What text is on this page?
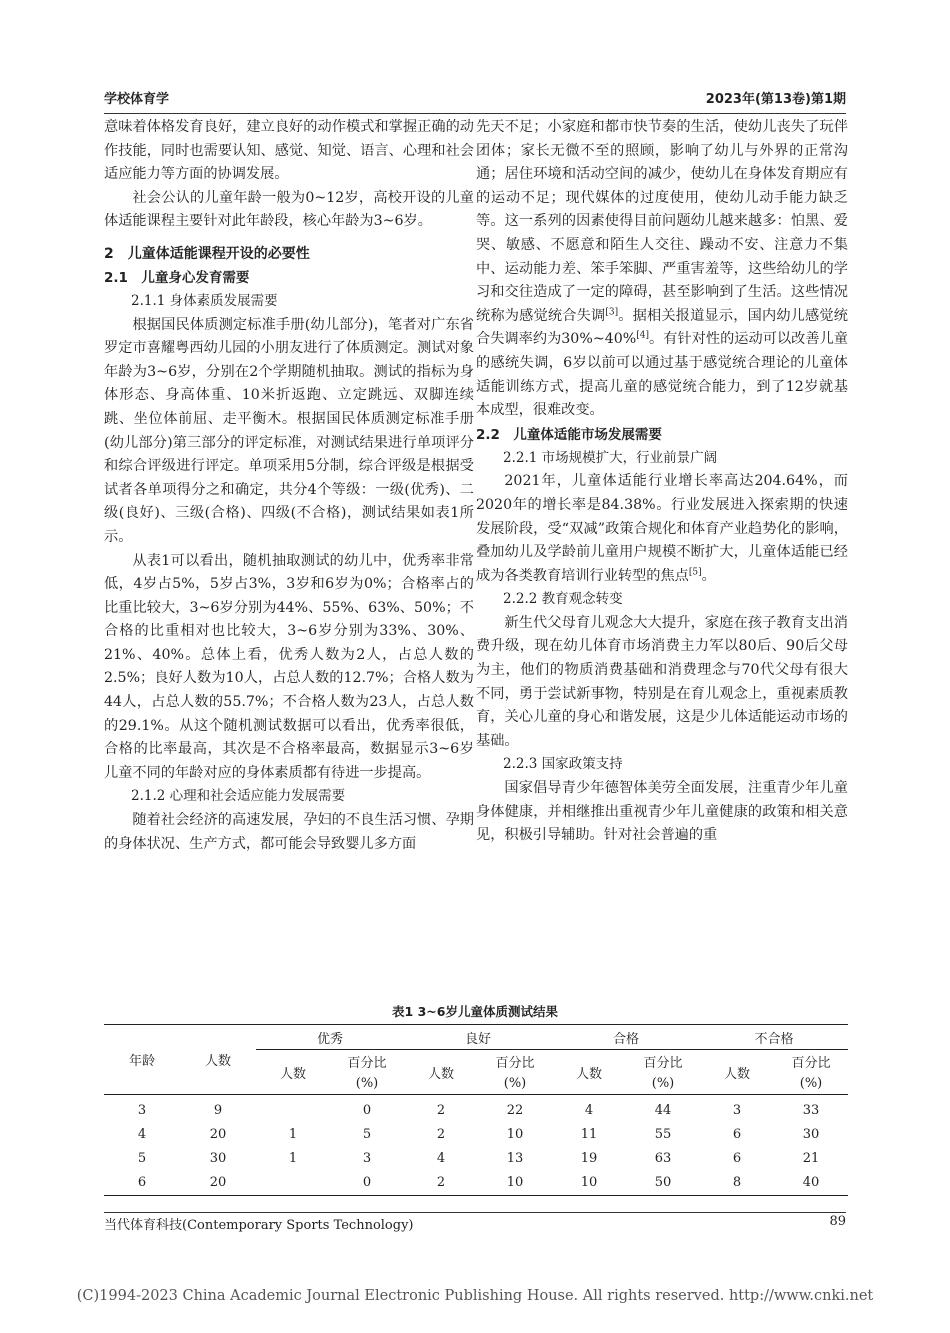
学校体育学	2023年(第13卷)第1期

意味着体格发育良好，建立良好的动作模式和掌握正确的动作技能，同时也需要认知、感觉、知觉、语言、心理和社会适应能力等方面的协调发展。

社会公认的儿童年龄一般为0~12岁，高校开设的儿童体适能课程主要针对此年龄段，核心年龄为3~6岁。

2　儿童体适能课程开设的必要性
2.1　儿童身心发育需要

2.1.1 身体素质发展需要

根据国民体质测定标准手册(幼儿部分)，笔者对广东省罗定市喜耀粤西幼儿园的小朋友进行了体质测定。测试对象年龄为3~6岁，分别在2个学期随机抽取。测试的指标为身体形态、身高体重、10米折返跑、立定跳远、双脚连续跳、坐位体前屈、走平衡木。根据国民体质测定标准手册(幼儿部分)第三部分的评定标准，对测试结果进行单项评分和综合评级进行评定。单项采用5分制，综合评级是根据受试者各单项得分之和确定，共分4个等级：一级(优秀)、二级(良好)、三级(合格)、四级(不合格)，测试结果如表1所示。

从表1可以看出，随机抽取测试的幼儿中，优秀率非常低，4岁占5%，5岁占3%，3岁和6岁为0%；合格率占的比重比较大，3~6岁分别为44%、55%、63%、50%；不合格的比重相对也比较大，3~6岁分别为33%、30%、21%、40%。总体上看，优秀人数为2人，占总人数的2.5%；良好人数为10人，占总人数的12.7%；合格人数为44人，占总人数的55.7%；不合格人数为23人，占总人数的29.1%。从这个随机测试数据可以看出，优秀率很低，合格的比率最高，其次是不合格率最高，数据显示3~6岁儿童不同的年龄对应的身体素质都有待进一步提高。

2.1.2 心理和社会适应能力发展需要

随着社会经济的高速发展，孕妇的不良生活习惯、孕期的身体状况、生产方式，都可能会导致婴儿多方面

先天不足；小家庭和都市快节奏的生活，使幼儿丧失了玩伴团体；家长无微不至的照顾，影响了幼儿与外界的正常沟通；居住环境和活动空间的减少，使幼儿在身体发育期应有的运动不足；现代媒体的过度使用，使幼儿动手能力缺乏等。这一系列的因素使得目前问题幼儿越来越多：怕黑、爱哭、敏感、不愿意和陌生人交往、躁动不安、注意力不集中、运动能力差、笨手笨脚、严重害羞等，这些给幼儿的学习和交往造成了一定的障碍，甚至影响到了生活。这些情况统称为感觉统合失调[3]。据相关报道显示，国内幼儿感觉统合失调率约为30%~40%[4]。有针对性的运动可以改善儿童的感统失调，6岁以前可以通过基于感觉统合理论的儿童体适能训练方式，提高儿童的感觉统合能力，到了12岁就基本成型，很难改变。

2.2　儿童体适能市场发展需要

2.2.1 市场规模扩大，行业前景广阔

2021年，儿童体适能行业增长率高达204.64%，而2020年的增长率是84.38%。行业发展进入探索期的快速发展阶段，受“双减”政策合规化和体育产业趋势化的影响，叠加幼儿及学龄前儿童用户规模不断扩大，儿童体适能已经成为各类教育培训行业转型的焦点[5]。

2.2.2 教育观念转变

新生代父母育儿观念大大提升，家庭在孩子教育支出消费升级，现在幼儿体育市场消费主力军以80后、90后父母为主，他们的物质消费基础和消费理念与70代父母有很大不同，勇于尝试新事物，特别是在育儿观念上，重视素质教育，关心儿童的身心和谐发展，这是少儿体适能运动市场的基础。

2.2.3 国家政策支持

国家倡导青少年德智体美劳全面发展，注重青少年儿童身体健康，并相继推出重视青少年儿童健康的政策和相关意见，积极引导辅助。针对社会普遍的重

表1 3~6岁儿童体质测试结果
年龄	人数	优秀		良好		合格		不合格	
		人数	百分比	人数	百分比	人数	百分比	人数	百分比
			(%)		(%)		(%)		(%)

3	9		0	2	22	4	44	3	33
4	20	1	5	2	10	11	55	6	30
5	30	1	3	4	13	19	63	6	21
6	20		0	2	10	10	50	8	40
当代体育科技(Contemporary Sports Technology)	89
(C)1994-2023 China Academic Journal Electronic Publishing House. All rights reserved. http://www.cnki.net
